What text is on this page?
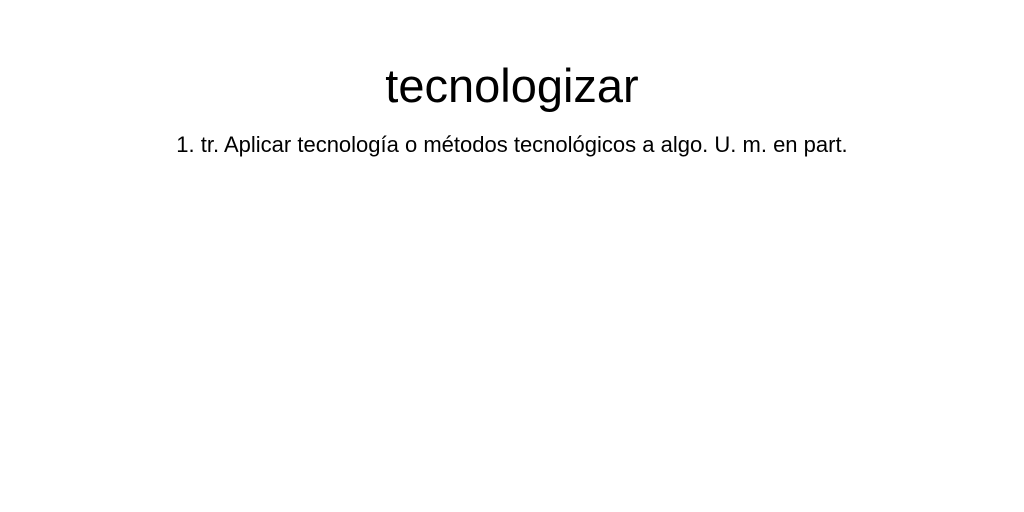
tecnologizar

1. tr. Aplicar tecnología o métodos tecnológicos a algo. U. m. en part.
